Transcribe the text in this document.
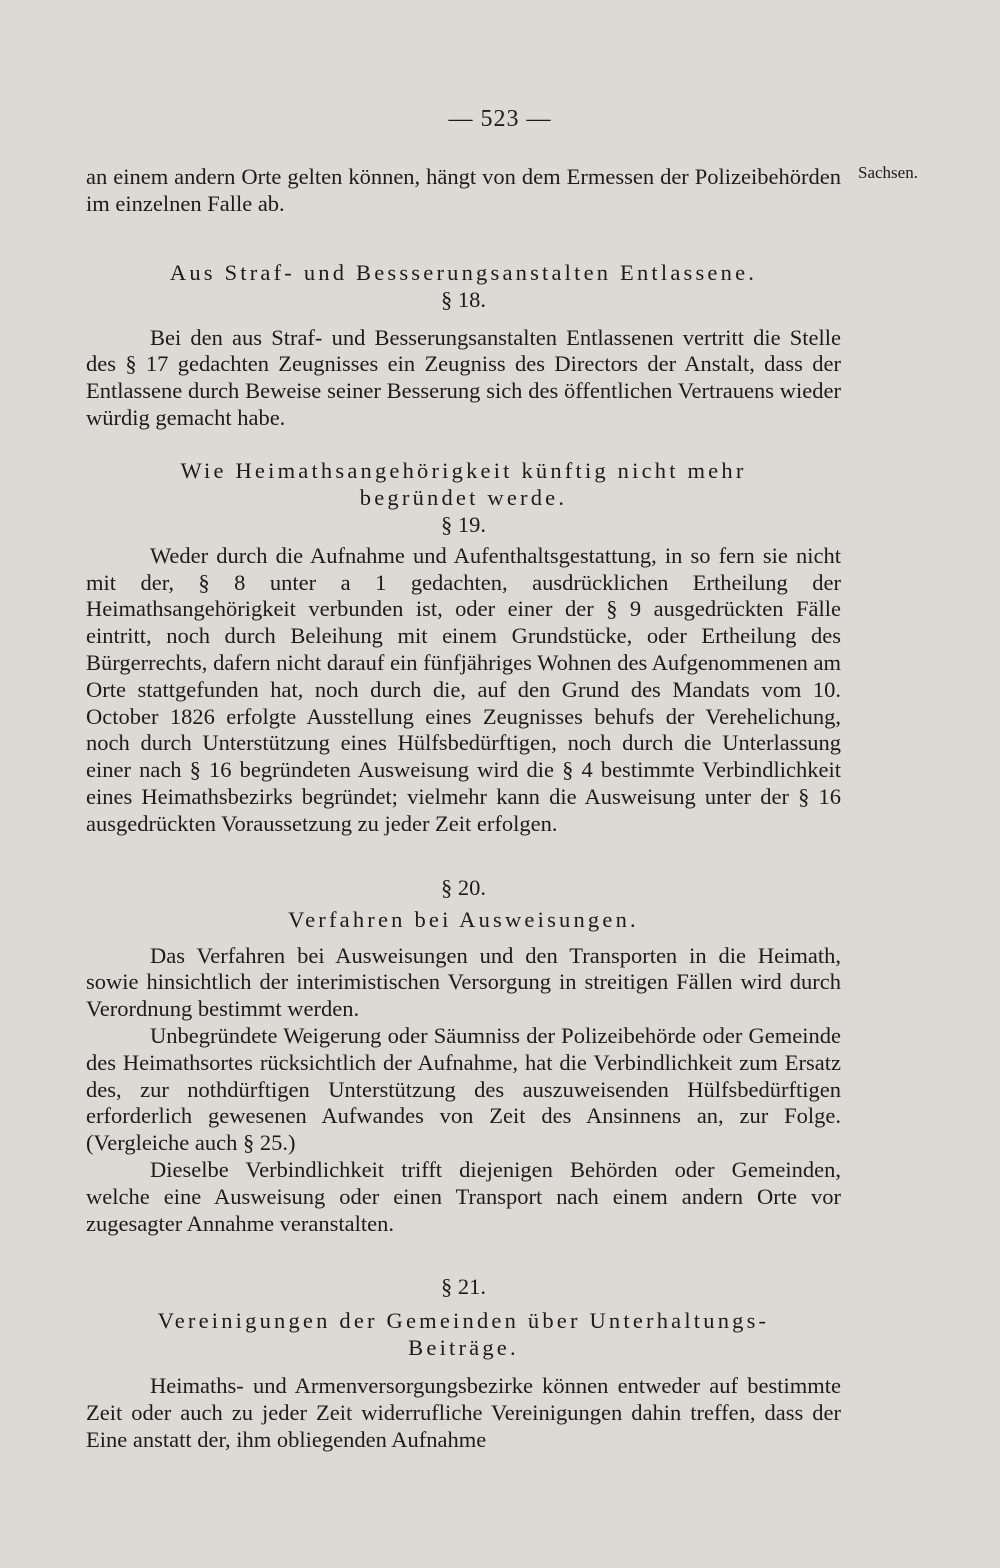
— 523 —
Sachsen.

an einem andern Orte gelten können, hängt von dem Ermessen der Polizeibehörden im einzelnen Falle ab.

Aus Straf- und Bessserungsanstalten Entlassene.
§ 18.

Bei den aus Straf- und Besserungsanstalten Entlassenen vertritt die Stelle des § 17 gedachten Zeugnisses ein Zeugniss des Directors der Anstalt, dass der Entlassene durch Beweise seiner Besserung sich des öffentlichen Vertrauens wieder würdig gemacht habe.

Wie Heimathsangehörigkeit künftig nicht mehr
begründet werde.
§ 19.

Weder durch die Aufnahme und Aufenthaltsgestattung, in so fern sie nicht mit der, § 8 unter a 1 gedachten, ausdrücklichen Ertheilung der Heimathsangehörigkeit verbunden ist, oder einer der § 9 ausgedrückten Fälle eintritt, noch durch Beleihung mit einem Grundstücke, oder Ertheilung des Bürgerrechts, dafern nicht darauf ein fünfjähriges Wohnen des Aufgenommenen am Orte stattgefunden hat, noch durch die, auf den Grund des Mandats vom 10. October 1826 erfolgte Ausstellung eines Zeugnisses behufs der Verehelichung, noch durch Unterstützung eines Hülfsbedürftigen, noch durch die Unterlassung einer nach § 16 begründeten Ausweisung wird die § 4 bestimmte Verbindlichkeit eines Heimathsbezirks begründet; vielmehr kann die Ausweisung unter der § 16 ausgedrückten Voraussetzung zu jeder Zeit erfolgen.

§ 20.
Verfahren bei Ausweisungen.

Das Verfahren bei Ausweisungen und den Transporten in die Heimath, sowie hinsichtlich der interimistischen Versorgung in streitigen Fällen wird durch Verordnung bestimmt werden.

Unbegründete Weigerung oder Säumniss der Polizeibehörde oder Gemeinde des Heimathsortes rücksichtlich der Aufnahme, hat die Verbindlichkeit zum Ersatz des, zur nothdürftigen Unterstützung des auszuweisenden Hülfsbedürftigen erforderlich gewesenen Aufwandes von Zeit des Ansinnens an, zur Folge. (Vergleiche auch § 25.)

Dieselbe Verbindlichkeit trifft diejenigen Behörden oder Gemeinden, welche eine Ausweisung oder einen Transport nach einem andern Orte vor zugesagter Annahme veranstalten.

§ 21.
Vereinigungen der Gemeinden über Unterhaltungs-
Beiträge.

Heimaths- und Armenversorgungsbezirke können entweder auf bestimmte Zeit oder auch zu jeder Zeit widerrufliche Vereinigungen dahin treffen, dass der Eine anstatt der, ihm obliegenden Aufnahme
